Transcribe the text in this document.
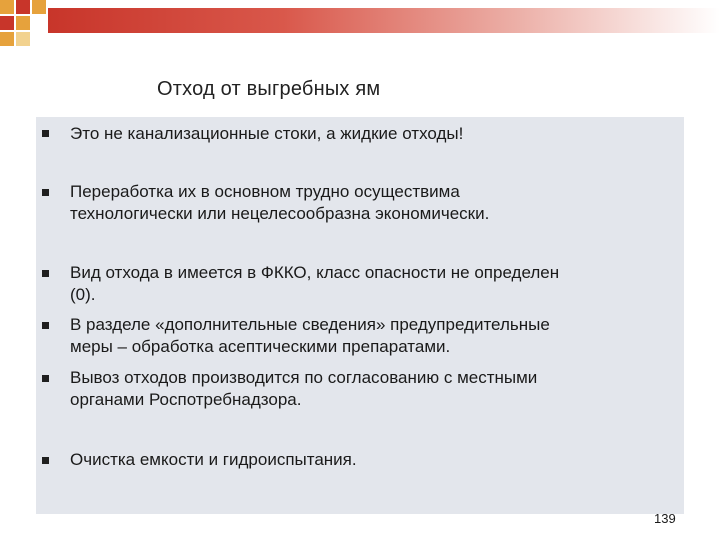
Отход от выгребных ям
Это не канализационные стоки, а жидкие отходы!
Переработка их в основном трудно осуществима
технологически или нецелесообразна экономически.
Вид отхода в имеется в ФККО, класс опасности не определен
(0).
В разделе «дополнительные сведения» предупредительные
меры – обработка асептическими препаратами.
Вывоз отходов производится по согласованию с местными
органами Роспотребнадзора.
Очистка емкости и гидроиспытания.
139
